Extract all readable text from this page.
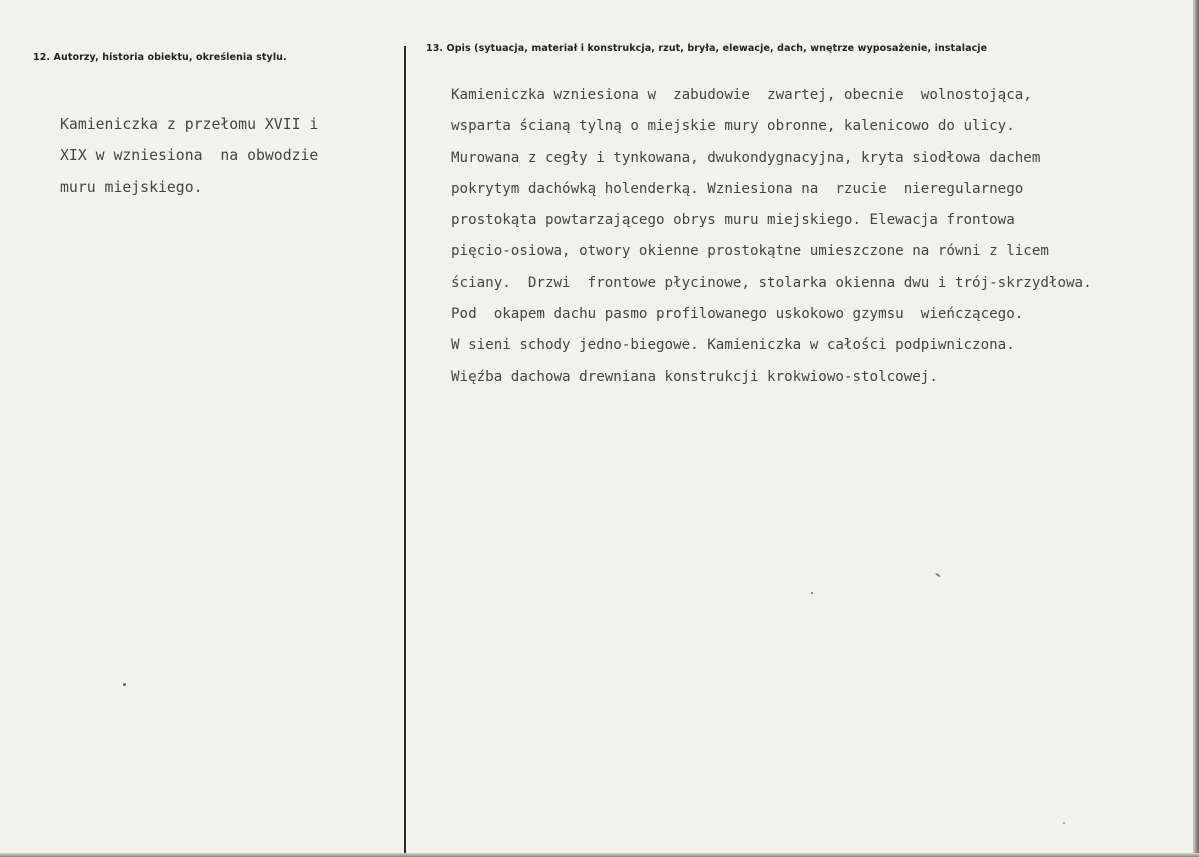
12. Autorzy, historia obiektu, określenia stylu.
13. Opis (sytuacja, materiał i konstrukcja, rzut, bryła, elewacje, dach, wnętrze wyposażenie, instalacje
Kamieniczka z przełomu XVII i
XIX w wzniesiona  na obwodzie
muru miejskiego.
Kamieniczka wzniesiona w  zabudowie  zwartej, obecnie  wolnostojąca,
wsparta ścianą tylną o miejskie mury obronne, kalenicowo do ulicy.
Murowana z cegły i tynkowana, dwukondygnacyjna, kryta siodłowa dachem
pokrytym dachówką holenderką. Wzniesiona na  rzucie  nieregularnego
prostokąta powtarzającego obrys muru miejskiego. Elewacja frontowa
pięcio-osiowa, otwory okienne prostokątne umieszczone na równi z licem
ściany.  Drzwi  frontowe płycinowe, stolarka okienna dwu i trój-skrzydłowa.
Pod  okapem dachu pasmo profilowanego uskokowo gzymsu  wieńczącego.
W sieni schody jedno-biegowe. Kamieniczka w całości podpiwniczona.
Więźba dachowa drewniana konstrukcji krokwiowo-stolcowej.
